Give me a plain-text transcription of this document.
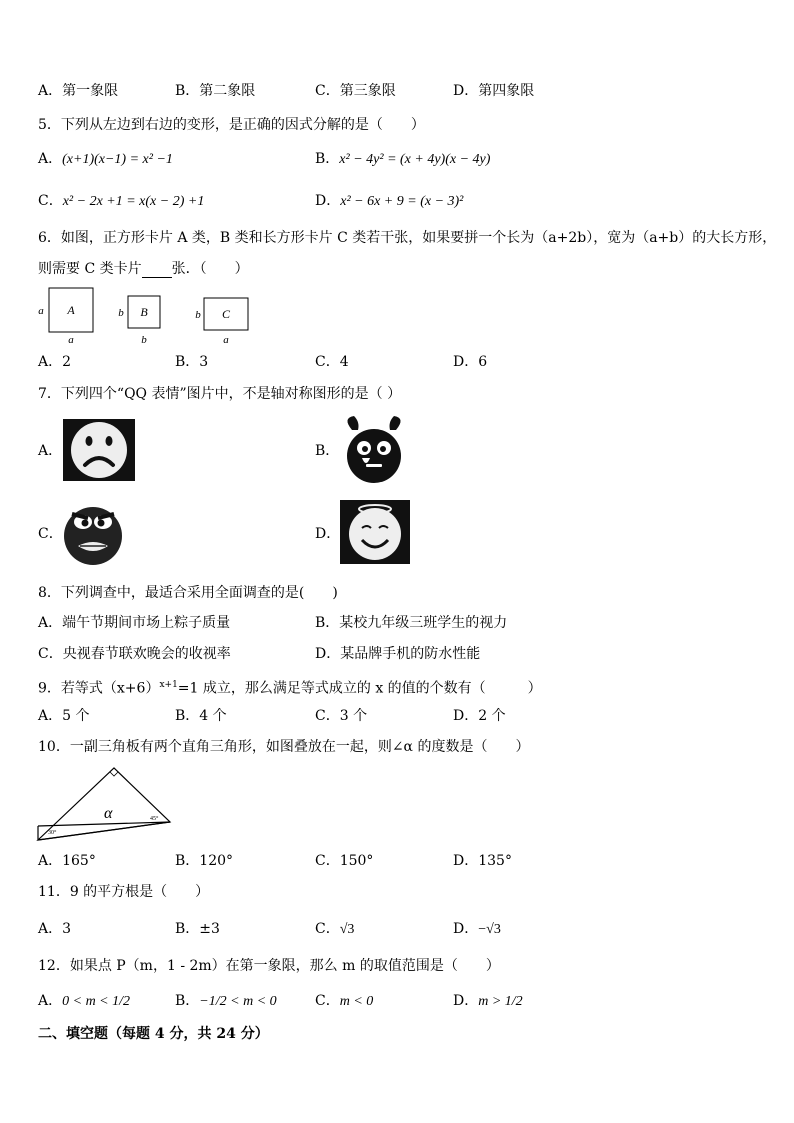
A．第一象限	B．第二象限	C．第三象限	D．第四象限
5．下列从左边到右边的变形，是正确的因式分解的是（　　）
A．(x+1)(x−1) = x² −1	B．x² − 4y² = (x + 4y)(x − 4y)
C．x² − 2x +1 = x(x − 2) +1	D．x² − 6x + 9 = (x − 3)²
6．如图，正方形卡片 A 类，B 类和长方形卡片 C 类若干张，如果要拼一个长为（a+2b），宽为（a+b）的大长方形，
则需要 C 类卡片 张．（　　）
A
a
a
B
b
b
C
b
a
A．2	B．3	C．4	D．6
7．下列四个“QQ 表情”图片中，不是轴对称图形的是（ ）
A．	B．
C．	D．
8．下列调查中，最适合采用全面调查的是(　　)
A．端午节期间市场上粽子质量	B．某校九年级三班学生的视力
C．央视春节联欢晚会的收视率	D．某品牌手机的防水性能
9．若等式$(x+6)^{x+1}=1$ 成立，那么满足等式成立的 x 的值的个数有（　　　）
A．5 个	B．4 个	C．3 个	D．2 个
10．一副三角板有两个直角三角形，如图叠放在一起，则∠α 的度数是（　　）
α
30°
45°
A．165°	B．120°	C．150°	D．135°
11．9 的平方根是（　　）
A．3	B．±3	C．√3	D．−√3
12．如果点 P（m，1 - 2m）在第一象限，那么 m 的取值范围是（　　）
A．0 < m < 1/2	B．−1/2 < m < 0	C．m < 0	D．m > 1/2
二、填空题（每题 4 分，共 24 分）
